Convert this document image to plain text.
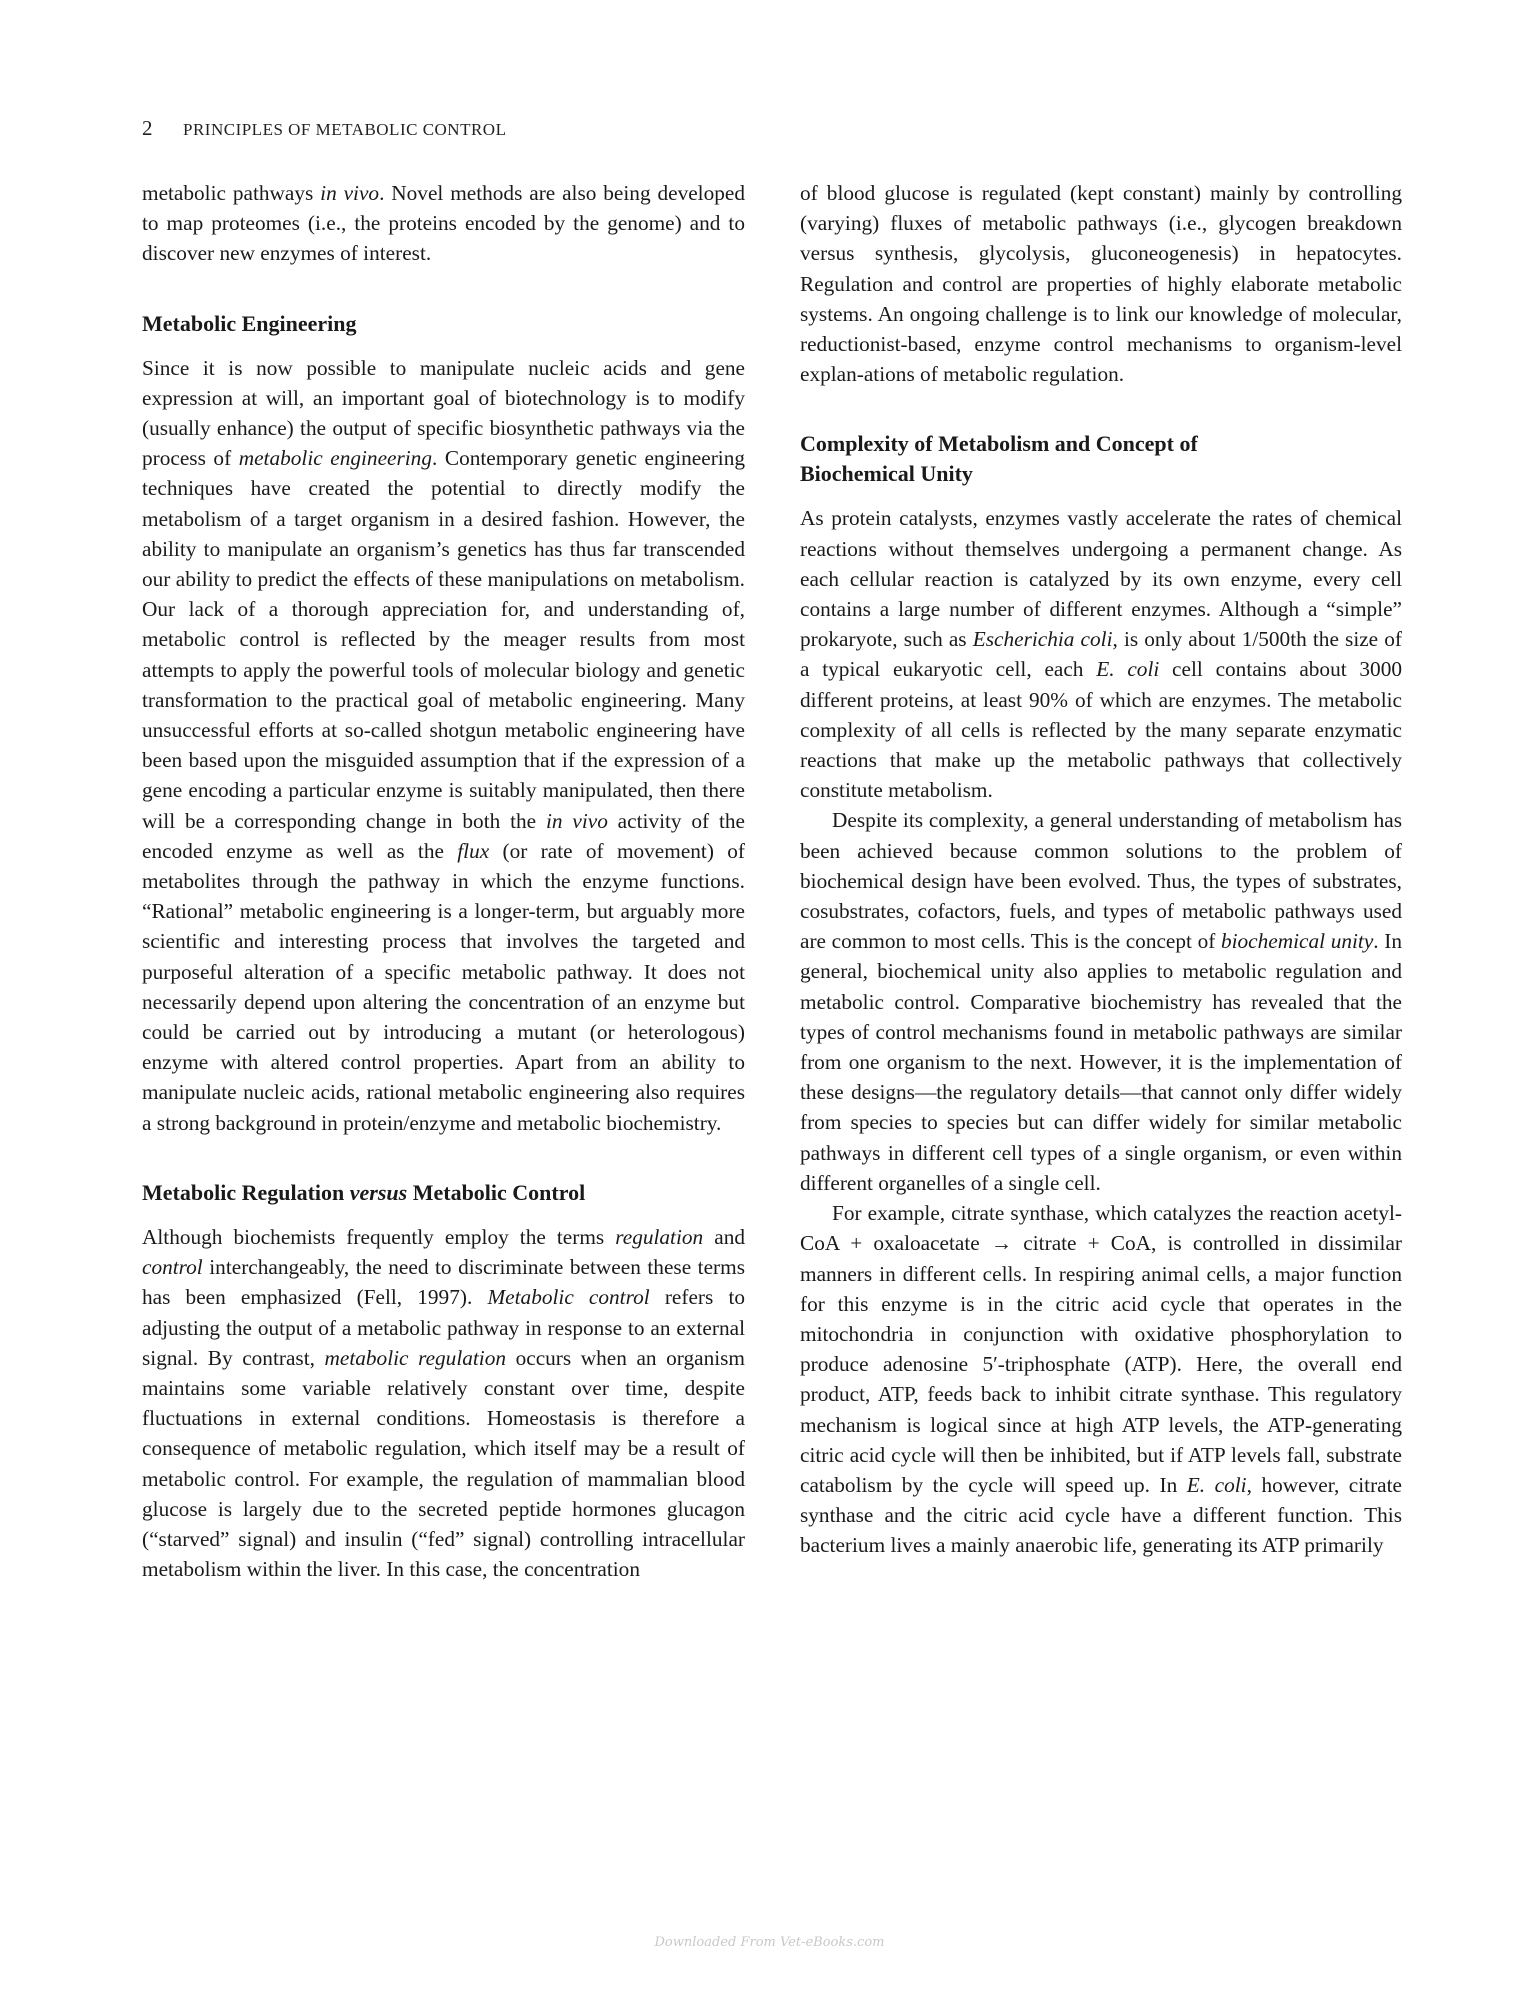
2 PRINCIPLES OF METABOLIC CONTROL

metabolic pathways in vivo. Novel methods are also being developed to map proteomes (i.e., the proteins encoded by the genome) and to discover new enzymes of interest.

Metabolic Engineering

Since it is now possible to manipulate nucleic acids and gene expression at will, an important goal of biotechnology is to modify (usually enhance) the output of specific biosynthetic pathways via the process of metabolic engineering. Contemporary genetic engineering techniques have created the potential to directly modify the metabolism of a target organism in a desired fashion. However, the ability to manipulate an organism’s genetics has thus far transcended our ability to predict the effects of these manipulations on metabolism. Our lack of a thorough appreciation for, and understanding of, metabolic control is reflected by the meager results from most attempts to apply the powerful tools of molecular biology and genetic transformation to the practical goal of metabolic engineering. Many unsuccessful efforts at so-called shotgun metabolic engineering have been based upon the misguided assumption that if the expression of a gene encoding a particular enzyme is suitably manipulated, then there will be a corresponding change in both the in vivo activity of the encoded enzyme as well as the flux (or rate of movement) of metabolites through the pathway in which the enzyme functions. “Rational” metabolic engineering is a longer-term, but arguably more scientific and interesting process that involves the targeted and purposeful alteration of a specific metabolic pathway. It does not necessarily depend upon altering the concentration of an enzyme but could be carried out by introducing a mutant (or heterologous) enzyme with altered control properties. Apart from an ability to manipulate nucleic acids, rational metabolic engineering also requires a strong background in protein/enzyme and metabolic biochemistry.

Metabolic Regulation versus Metabolic Control

Although biochemists frequently employ the terms regulation and control interchangeably, the need to discriminate between these terms has been emphasized (Fell, 1997). Metabolic control refers to adjusting the output of a metabolic pathway in response to an external signal. By contrast, metabolic regulation occurs when an organism maintains some variable relatively constant over time, despite fluctuations in external conditions. Homeostasis is therefore a consequence of metabolic regulation, which itself may be a result of metabolic control. For example, the regulation of mammalian blood glucose is largely due to the secreted peptide hormones glucagon (“starved” signal) and insulin (“fed” signal) controlling intracellular metabolism within the liver. In this case, the concentration

of blood glucose is regulated (kept constant) mainly by controlling (varying) fluxes of metabolic pathways (i.e., glycogen breakdown versus synthesis, glycolysis, gluconeogenesis) in hepatocytes. Regulation and control are properties of highly elaborate metabolic systems. An ongoing challenge is to link our knowledge of molecular, reductionist-based, enzyme control mechanisms to organism-level explan-ations of metabolic regulation.

Complexity of Metabolism and Concept of
Biochemical Unity

As protein catalysts, enzymes vastly accelerate the rates of chemical reactions without themselves undergoing a permanent change. As each cellular reaction is catalyzed by its own enzyme, every cell contains a large number of different enzymes. Although a “simple” prokaryote, such as Escherichia coli, is only about 1/500th the size of a typical eukaryotic cell, each E. coli cell contains about 3000 different proteins, at least 90% of which are enzymes. The metabolic complexity of all cells is reflected by the many separate enzymatic reactions that make up the metabolic pathways that collectively constitute metabolism.

Despite its complexity, a general understanding of metabolism has been achieved because common solutions to the problem of biochemical design have been evolved. Thus, the types of substrates, cosubstrates, cofactors, fuels, and types of metabolic pathways used are common to most cells. This is the concept of biochemical unity. In general, biochemical unity also applies to metabolic regulation and metabolic control. Comparative biochemistry has revealed that the types of control mechanisms found in metabolic pathways are similar from one organism to the next. However, it is the implementation of these designs—the regulatory details—that cannot only differ widely from species to species but can differ widely for similar metabolic pathways in different cell types of a single organism, or even within different organelles of a single cell.

For example, citrate synthase, which catalyzes the reaction acetyl-CoA + oxaloacetate → citrate + CoA, is controlled in dissimilar manners in different cells. In respiring animal cells, a major function for this enzyme is in the citric acid cycle that operates in the mitochondria in conjunction with oxidative phosphorylation to produce adenosine 5′-triphosphate (ATP). Here, the overall end product, ATP, feeds back to inhibit citrate synthase. This regulatory mechanism is logical since at high ATP levels, the ATP-generating citric acid cycle will then be inhibited, but if ATP levels fall, substrate catabolism by the cycle will speed up. In E. coli, however, citrate synthase and the citric acid cycle have a different function. This bacterium lives a mainly anaerobic life, generating its ATP primarily

Downloaded From Vet-eBooks.com
